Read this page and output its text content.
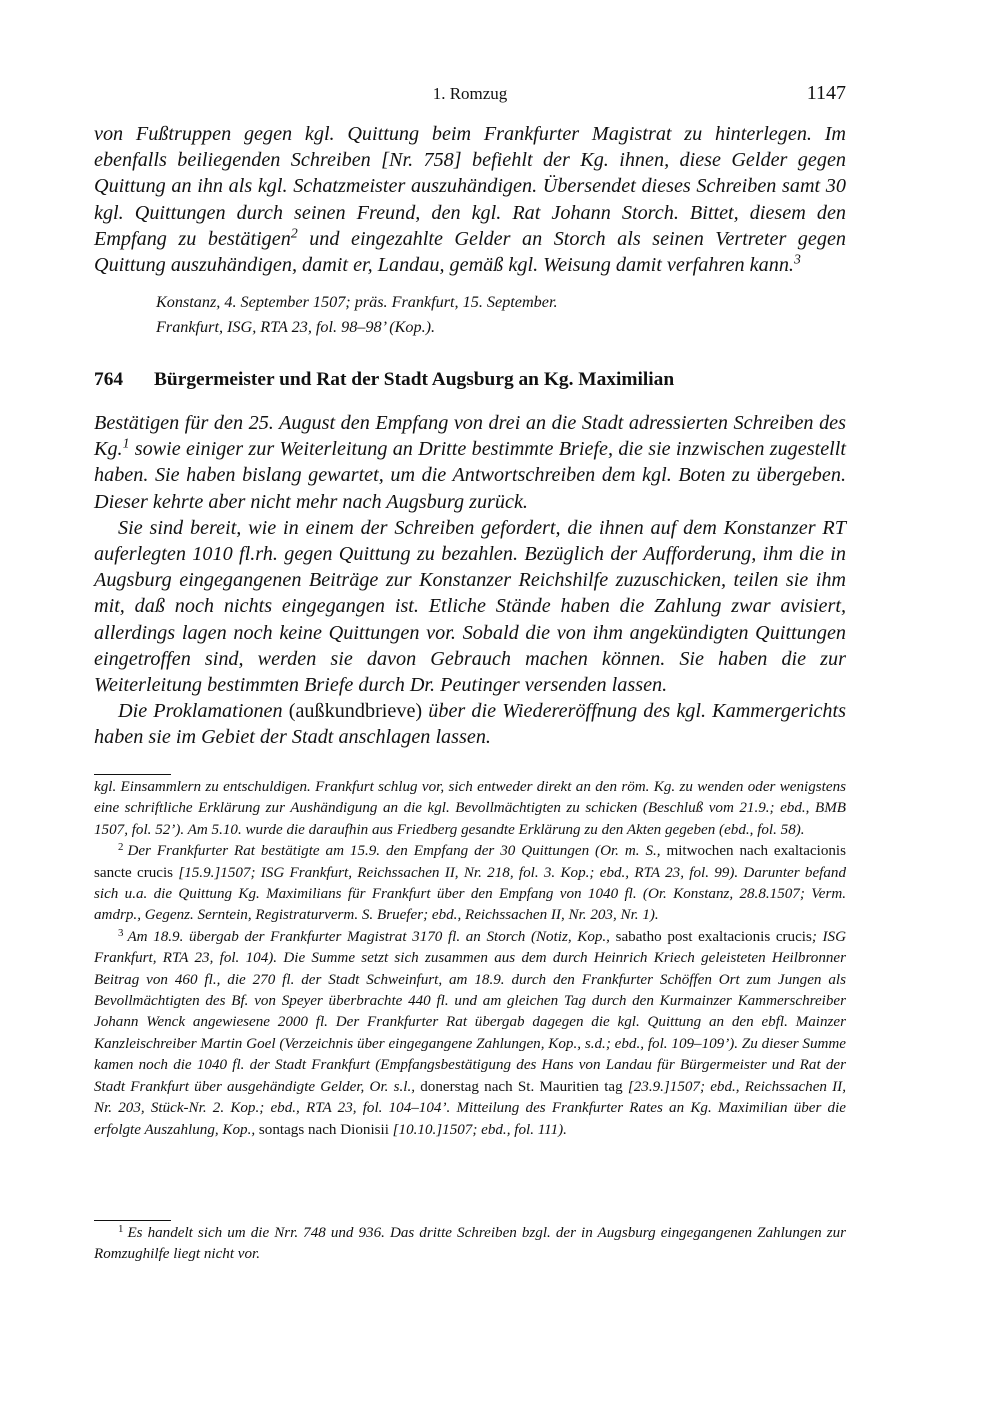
1. Romzug	1147

von Fußtruppen gegen kgl. Quittung beim Frankfurter Magistrat zu hinterlegen. Im ebenfalls beiliegenden Schreiben [Nr. 758] befiehlt der Kg. ihnen, diese Gelder gegen Quittung an ihn als kgl. Schatzmeister auszuhändigen. Übersendet dieses Schreiben samt 30 kgl. Quittungen durch seinen Freund, den kgl. Rat Johann Storch. Bittet, diesem den Empfang zu bestätigen$^2$ und eingezahlte Gelder an Storch als seinen Vertreter gegen Quittung auszuhändigen, damit er, Landau, gemäß kgl. Weisung damit verfahren kann.$^3$

Konstanz, 4. September 1507; präs. Frankfurt, 15. September.
Frankfurt, ISG, RTA 23, fol. 98–98’ (Kop.).
764 Bürgermeister und Rat der Stadt Augsburg an Kg. Maximilian

Bestätigen für den 25. August den Empfang von drei an die Stadt adressierten Schreiben des Kg.$^1$ sowie einiger zur Weiterleitung an Dritte bestimmte Briefe, die sie inzwischen zugestellt haben. Sie haben bislang gewartet, um die Antwortschreiben dem kgl. Boten zu übergeben. Dieser kehrte aber nicht mehr nach Augsburg zurück.

Sie sind bereit, wie in einem der Schreiben gefordert, die ihnen auf dem Konstanzer RT auferlegten 1010 fl.rh. gegen Quittung zu bezahlen. Bezüglich der Aufforderung, ihm die in Augsburg eingegangenen Beiträge zur Konstanzer Reichshilfe zuzuschicken, teilen sie ihm mit, daß noch nichts eingegangen ist. Etliche Stände haben die Zahlung zwar avisiert, allerdings lagen noch keine Quittungen vor. Sobald die von ihm angekündigten Quittungen eingetroffen sind, werden sie davon Gebrauch machen können. Sie haben die zur Weiterleitung bestimmten Briefe durch Dr. Peutinger versenden lassen.

Die Proklamationen (außkundbrieve) über die Wiedereröffnung des kgl. Kammergerichts haben sie im Gebiet der Stadt anschlagen lassen.

kgl. Einsammlern zu entschuldigen. Frankfurt schlug vor, sich entweder direkt an den röm. Kg. zu wenden oder wenigstens eine schriftliche Erklärung zur Aushändigung an die kgl. Bevollmächtigten zu schicken (Beschluß vom 21.9.; ebd., BMB 1507, fol. 52’). Am 5.10. wurde die daraufhin aus Friedberg gesandte Erklärung zu den Akten gegeben (ebd., fol. 58).

$^2$ Der Frankfurter Rat bestätigte am 15.9. den Empfang der 30 Quittungen (Or. m. S., mitwochen nach exaltacionis sancte crucis [15.9.]1507; ISG Frankfurt, Reichssachen II, Nr. 218, fol. 3. Kop.; ebd., RTA 23, fol. 99). Darunter befand sich u.a. die Quittung Kg. Maximilians für Frankfurt über den Empfang von 1040 fl. (Or. Konstanz, 28.8.1507; Verm. amdrp., Gegenz. Serntein, Registraturverm. S. Bruefer; ebd., Reichssachen II, Nr. 203, Nr. 1).

$^3$ Am 18.9. übergab der Frankfurter Magistrat 3170 fl. an Storch (Notiz, Kop., sabatho post exaltacionis crucis; ISG Frankfurt, RTA 23, fol. 104). Die Summe setzt sich zusammen aus dem durch Heinrich Kriech geleisteten Heilbronner Beitrag von 460 fl., die 270 fl. der Stadt Schweinfurt, am 18.9. durch den Frankfurter Schöffen Ort zum Jungen als Bevollmächtigten des Bf. von Speyer überbrachte 440 fl. und am gleichen Tag durch den Kurmainzer Kammerschreiber Johann Wenck angewiesene 2000 fl. Der Frankfurter Rat übergab dagegen die kgl. Quittung an den ebfl. Mainzer Kanzleischreiber Martin Goel (Verzeichnis über eingegangene Zahlungen, Kop., s.d.; ebd., fol. 109–109’). Zu dieser Summe kamen noch die 1040 fl. der Stadt Frankfurt (Empfangsbestätigung des Hans von Landau für Bürgermeister und Rat der Stadt Frankfurt über ausgehändigte Gelder, Or. s.l., donerstag nach St. Mauritien tag [23.9.]1507; ebd., Reichssachen II, Nr. 203, Stück-Nr. 2. Kop.; ebd., RTA 23, fol. 104–104’. Mitteilung des Frankfurter Rates an Kg. Maximilian über die erfolgte Auszahlung, Kop., sontags nach Dionisii [10.10.]1507; ebd., fol. 111).

$^1$ Es handelt sich um die Nrr. 748 und 936. Das dritte Schreiben bzgl. der in Augsburg eingegangenen Zahlungen zur Romzughilfe liegt nicht vor.
